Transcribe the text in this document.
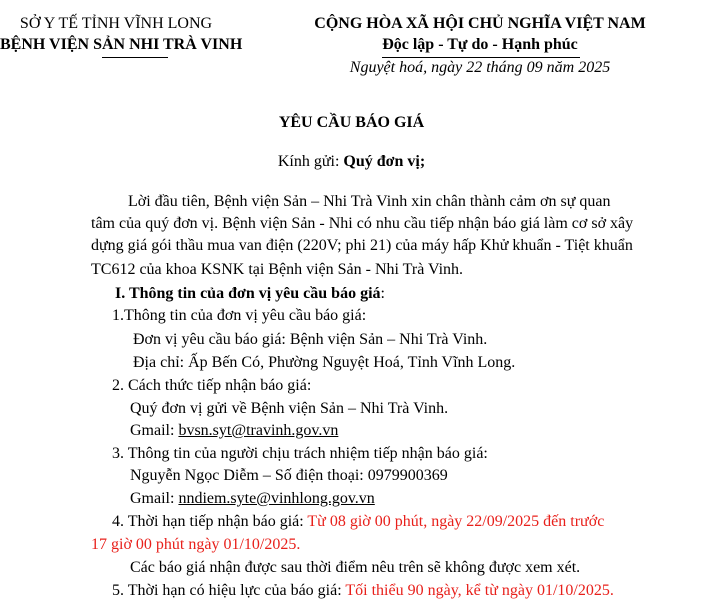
SỞ Y TẾ TỈNH VĨNH LONG
BỆNH VIỆN SẢN NHI TRÀ VINH
CỘNG HÒA XÃ HỘI CHỦ NGHĨA VIỆT NAM
Độc lập - Tự do - Hạnh phúc
Nguyệt hoá, ngày 22 tháng 09 năm 2025
YÊU CẦU BÁO GIÁ
Kính gửi: Quý đơn vị;
Lời đầu tiên, Bệnh viện Sản – Nhi Trà Vinh xin chân thành cảm ơn sự quan
tâm của quý đơn vị. Bệnh viện Sản - Nhi có nhu cầu tiếp nhận báo giá làm cơ sở xây
dựng giá gói thầu mua van điện (220V; phi 21) của máy hấp Khử khuẩn - Tiệt khuẩn
TC612 của khoa KSNK tại Bệnh viện Sản - Nhi Trà Vinh.
I. Thông tin của đơn vị yêu cầu báo giá:
1.Thông tin của đơn vị yêu cầu báo giá:
Đơn vị yêu cầu báo giá: Bệnh viện Sản – Nhi Trà Vinh.
Địa chỉ: Ấp Bến Có, Phường Nguyệt Hoá, Tỉnh Vĩnh Long.
2. Cách thức tiếp nhận báo giá:
Quý đơn vị gửi về Bệnh viện Sản – Nhi Trà Vinh.
Gmail: bvsn.syt@travinh.gov.vn
3. Thông tin của người chịu trách nhiệm tiếp nhận báo giá:
Nguyễn Ngọc Diễm – Số điện thoại: 0979900369
Gmail: nndiem.syte@vinhlong.gov.vn
4. Thời hạn tiếp nhận báo giá: Từ 08 giờ 00 phút, ngày 22/09/2025 đến trước
17 giờ 00 phút ngày 01/10/2025.
Các báo giá nhận được sau thời điểm nêu trên sẽ không được xem xét.
5. Thời hạn có hiệu lực của báo giá: Tối thiểu 90 ngày, kể từ ngày 01/10/2025.
